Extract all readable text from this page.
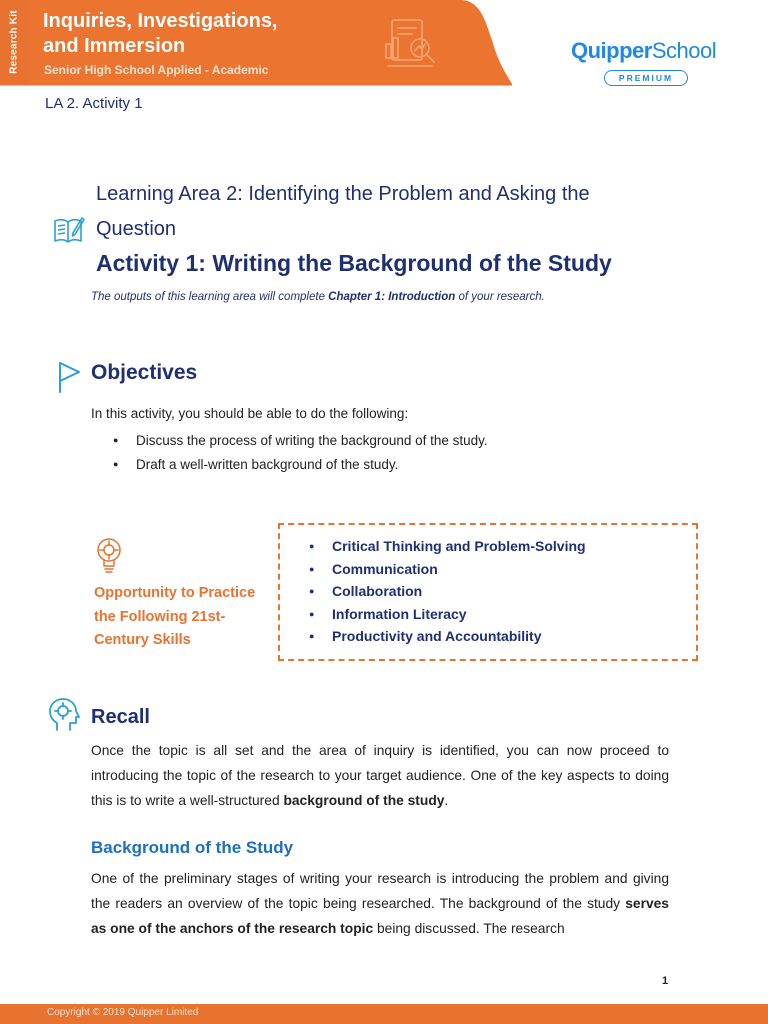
Research Kit Inquiries, Investigations,
and Immersion
Senior High School Applied - Academic
QuipperSchool
PREMIUM
LA 2. Activity 1
Learning Area 2: Identifying the Problem and Asking the Question
Activity 1: Writing the Background of the Study
The outputs of this learning area will complete Chapter 1: Introduction of your research.
Objectives
In this activity, you should be able to do the following:
● Discuss the process of writing the background of the study.
● Draft a well-written background of the study.
Opportunity to Practice the Following 21st-Century Skills
● Critical Thinking and Problem-Solving
● Communication
● Collaboration
● Information Literacy
● Productivity and Accountability
Recall
Once the topic is all set and the area of inquiry is identified, you can now proceed to introducing the topic of the research to your target audience. One of the key aspects to doing this is to write a well-structured background of the study.
Background of the Study
One of the preliminary stages of writing your research is introducing the problem and giving the readers an overview of the topic being researched. The background of the study serves as one of the anchors of the research topic being discussed. The research
1
Copyright © 2019 Quipper Limited
